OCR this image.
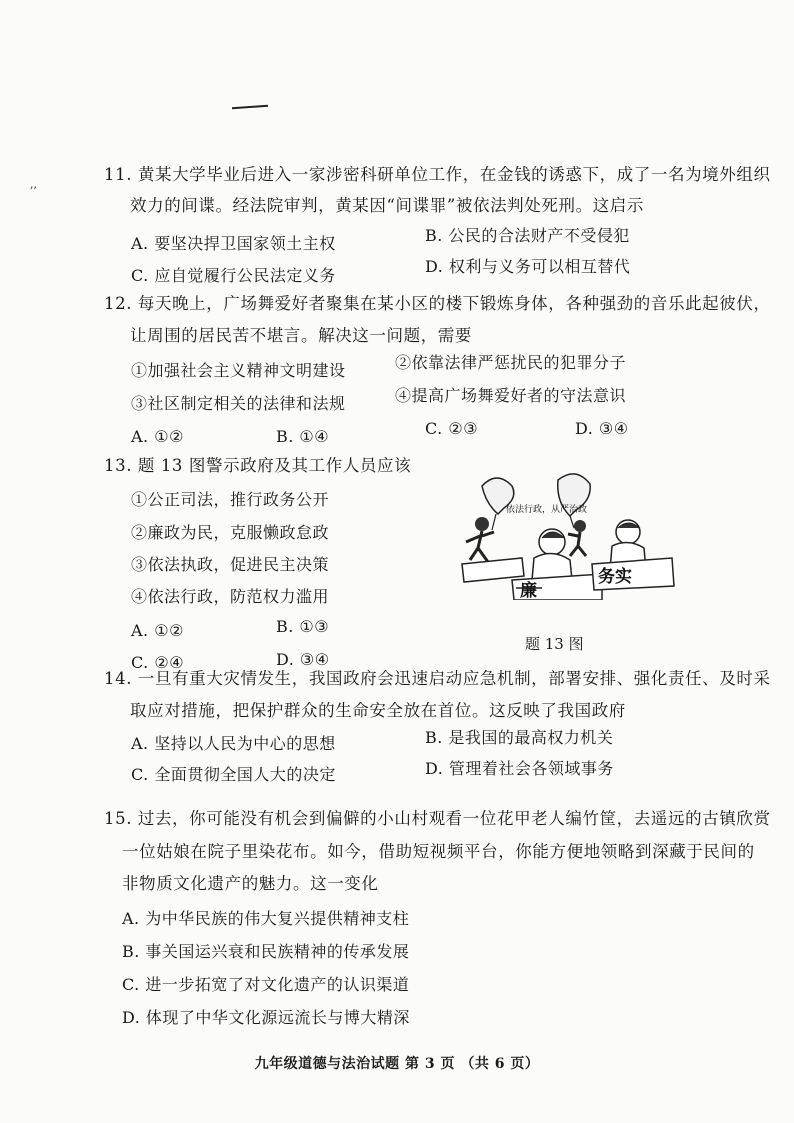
,,
11. 黄某大学毕业后进入一家涉密科研单位工作，在金钱的诱惑下，成了一名为境外组织
效力的间谍。经法院审判，黄某因“间谍罪”被依法判处死刑。这启示
A. 要坚决捍卫国家领土主权	B. 公民的合法财产不受侵犯
C. 应自觉履行公民法定义务	D. 权利与义务可以相互替代
12. 每天晚上，广场舞爱好者聚集在某小区的楼下锻炼身体，各种强劲的音乐此起彼伏，
让周围的居民苦不堪言。解决这一问题，需要
①加强社会主义精神文明建设	②依靠法律严惩扰民的犯罪分子
③社区制定相关的法律和法规	④提高广场舞爱好者的守法意识
A. ①②	B. ①④	C. ②③	D. ③④
13. 题 13 图警示政府及其工作人员应该
①公正司法，推行政务公开
②廉政为民，克服懒政怠政
③依法执政，促进民主决策
④依法行政，防范权力滥用
A. ①②	B. ①③
C. ②④	D. ③④
依法行政，从严治政
务实
廉
题 13 图
14. 一旦有重大灾情发生，我国政府会迅速启动应急机制，部署安排、强化责任、及时采
取应对措施，把保护群众的生命安全放在首位。这反映了我国政府
A. 坚持以人民为中心的思想	B. 是我国的最高权力机关
C. 全面贯彻全国人大的决定	D. 管理着社会各领域事务
15. 过去，你可能没有机会到偏僻的小山村观看一位花甲老人编竹筐，去遥远的古镇欣赏
一位姑娘在院子里染花布。如今，借助短视频平台，你能方便地领略到深藏于民间的
非物质文化遗产的魅力。这一变化
A. 为中华民族的伟大复兴提供精神支柱
B. 事关国运兴衰和民族精神的传承发展
C. 进一步拓宽了对文化遗产的认识渠道
D. 体现了中华文化源远流长与博大精深
九年级道德与法治试题 第 3 页 （共 6 页）
